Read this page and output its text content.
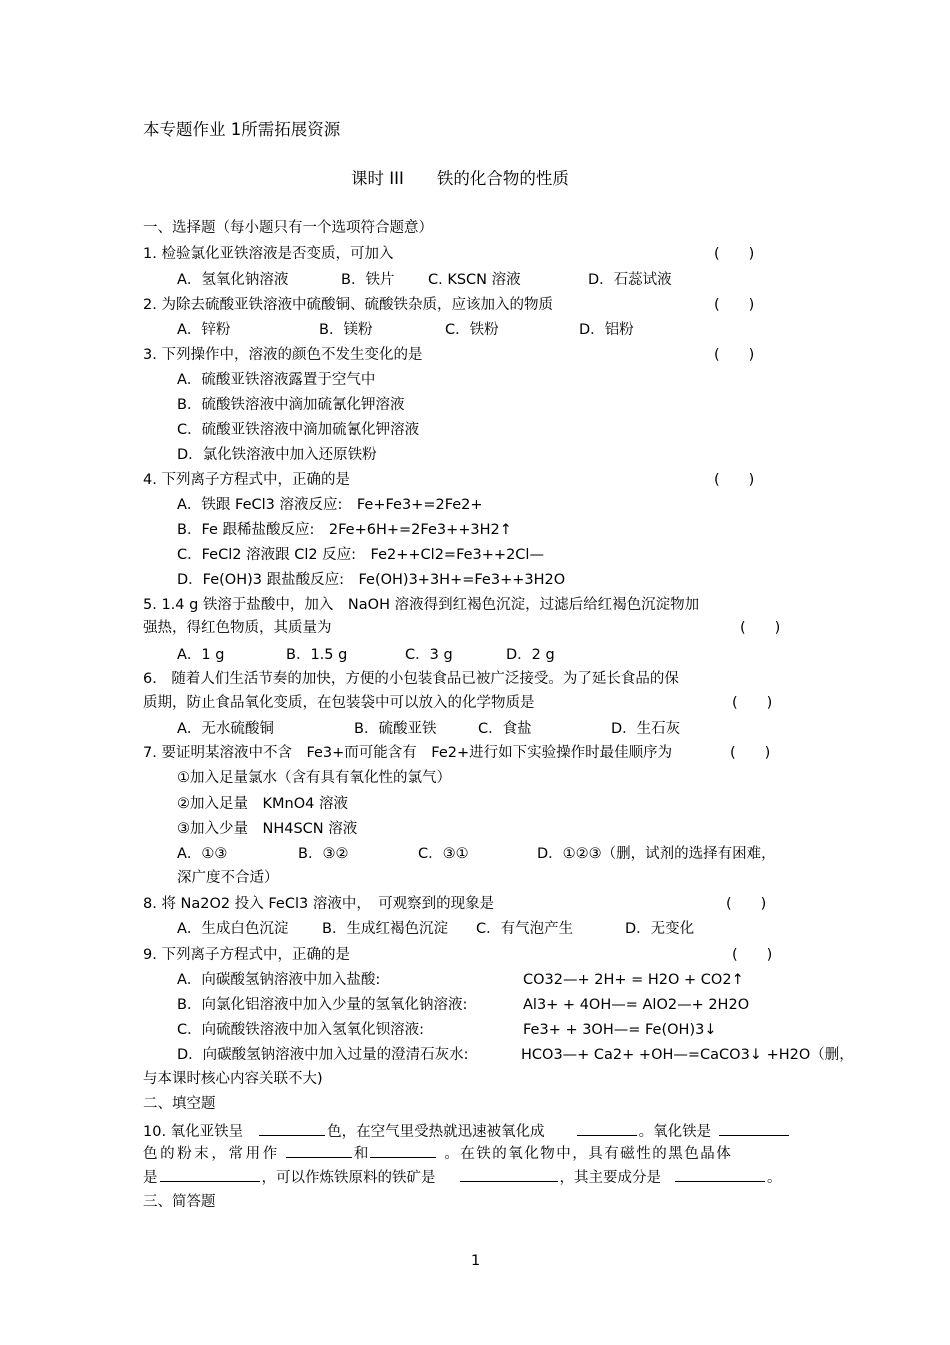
本专题作业 1所需拓展资源
课时 III　　铁的化合物的性质
一、选择题（每小题只有一个选项符合题意）
1. 检验氯化亚铁溶液是否变质，可加入	(　　)
A．氢氧化钠溶液	B．铁片 C. KSCN 溶液	D．石蕊试液
2. 为除去硫酸亚铁溶液中硫酸铜、硫酸铁杂质，应该加入的物质	(　　)
A．锌粉	B．镁粉	C．铁粉	D．铝粉
3. 下列操作中，溶液的颜色不发生变化的是	(　　)
A．硫酸亚铁溶液露置于空气中
B．硫酸铁溶液中滴加硫氰化钾溶液
C．硫酸亚铁溶液中滴加硫氰化钾溶液
D．氯化铁溶液中加入还原铁粉
4. 下列离子方程式中，正确的是	(　　)
A．铁跟 FeCl3 溶液反应:　Fe+Fe3+=2Fe2+
B．Fe 跟稀盐酸反应:　2Fe+6H+=2Fe3++3H2↑
C．FeCl2 溶液跟 Cl2 反应:　Fe2++Cl2=Fe3++2Cl—
D．Fe(OH)3 跟盐酸反应:　Fe(OH)3+3H+=Fe3++3H2O
5. 1.4 g 铁溶于盐酸中，加入　NaOH 溶液得到红褐色沉淀，过滤后给红褐色沉淀物加
强热，得红色物质，其质量为	(　　)
A．1 g	B．1.5 g	C．3 g	D．2 g
6.　随着人们生活节奏的加快，方便的小包装食品已被广泛接受。为了延长食品的保
质期，防止食品氧化变质，在包装袋中可以放入的化学物质是	(　　)
A．无水硫酸铜	B．硫酸亚铁	C．食盐	D．生石灰
7. 要证明某溶液中不含　Fe3+而可能含有　Fe2+进行如下实验操作时最佳顺序为	(　　)
①加入足量氯水（含有具有氧化性的氯气）
②加入足量　KMnO4 溶液
③加入少量　NH4SCN 溶液
A．①③	B．③②	C．③①	D．①②③（删，试剂的选择有困难，
深广度不合适）
8. 将 Na2O2 投入 FeCl3 溶液中，　可观察到的现象是	(　　)
A．生成白色沉淀 B．生成红褐色沉淀 C．有气泡产生	D．无变化
9. 下列离子方程式中，正确的是	(　　)
A．向碳酸氢钠溶液中加入盐酸:	CO32—+ 2H+ = H2O + CO2↑
B．向氯化铝溶液中加入少量的氢氧化钠溶液:	Al3+ + 4OH—= AlO2—+ 2H2O
C．向硫酸铁溶液中加入氢氧化钡溶液:	Fe3+ + 3OH—= Fe(OH)3↓
D．向碳酸氢钠溶液中加入过量的澄清石灰水:	HCO3—+ Ca2+ +OH—=CaCO3↓ +H2O（删，
与本课时核心内容关联不大)
二、填空题
10. 氧化亚铁呈	色，在空气里受热就迅速被氧化成	。氧化铁是
色的粉末，常用作	和	。在铁的氧化物中，具有磁性的黑色晶体
是	，可以作炼铁原料的铁矿是	，其主要成分是	。
三、简答题
1
